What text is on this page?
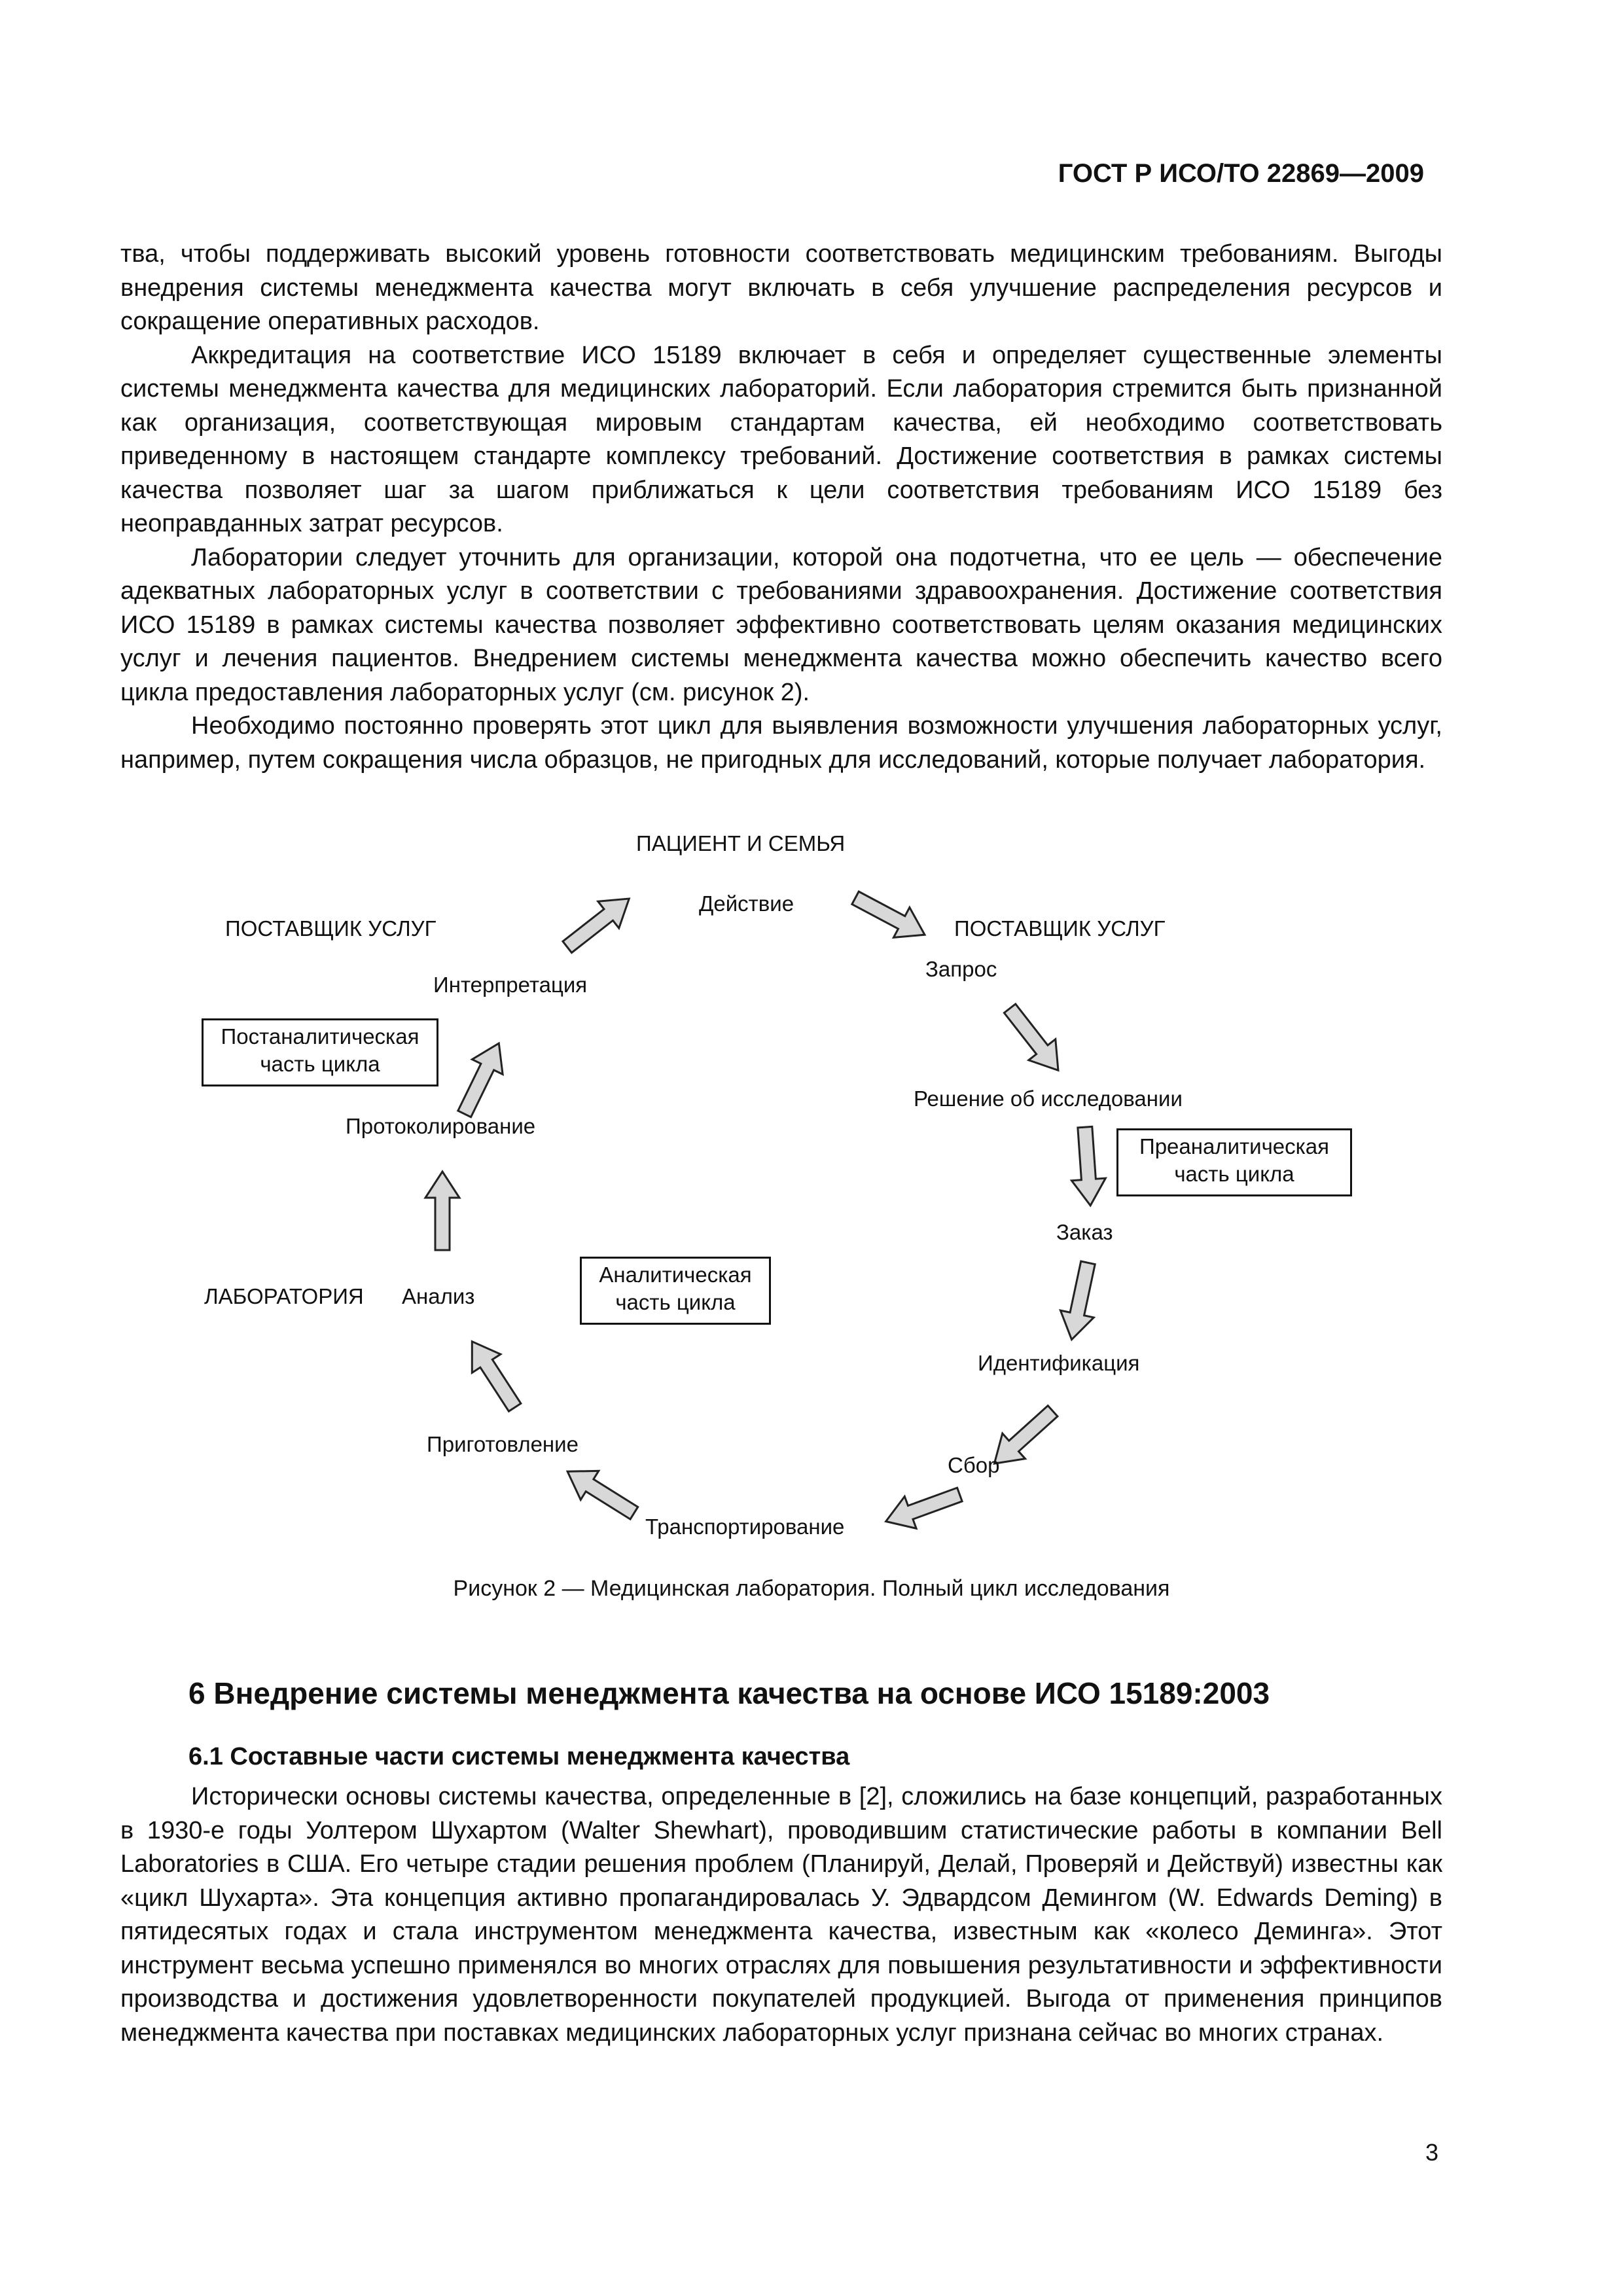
ГОСТ Р ИСО/ТО 22869—2009

тва, чтобы поддерживать высокий уровень готовности соответствовать медицинским требованиям. Выгоды внедрения системы менеджмента качества могут включать в себя улучшение распределения ресурсов и сокращение оперативных расходов.

Аккредитация на соответствие ИСО 15189 включает в себя и определяет существенные элементы системы менеджмента качества для медицинских лабораторий. Если лаборатория стремится быть признанной как организация, соответствующая мировым стандартам качества, ей необходимо соответствовать приведенному в настоящем стандарте комплексу требований. Достижение соответствия в рамках системы качества позволяет шаг за шагом приближаться к цели соответствия требованиям ИСО 15189 без неоправданных затрат ресурсов.

Лаборатории следует уточнить для организации, которой она подотчетна, что ее цель — обеспечение адекватных лабораторных услуг в соответствии с требованиями здравоохранения. Достижение соответствия ИСО 15189 в рамках системы качества позволяет эффективно соответствовать целям оказания медицинских услуг и лечения пациентов. Внедрением системы менеджмента качества можно обеспечить качество всего цикла предоставления лабораторных услуг (см. рисунок 2).

Необходимо постоянно проверять этот цикл для выявления возможности улучшения лабораторных услуг, например, путем сокращения числа образцов, не пригодных для исследований, которые получает лаборатория.

ПАЦИЕНТ И СЕМЬЯ
ПОСТАВЩИК УСЛУГ	ПОСТАВЩИК УСЛУГ
Действие
Запрос
Решение об исследовании
Заказ
Идентификация
Сбор
Транспортирование
Приготовление
ЛАБОРАТОРИЯ Анализ
Протоколирование
Интерпретация
Постаналитическая
часть цикла
Преаналитическая
часть цикла
Аналитическая
часть цикла
Рисунок 2 — Медицинская лаборатория. Полный цикл исследования
6 Внедрение системы менеджмента качества на основе ИСО 15189:2003
6.1 Составные части системы менеджмента качества

Исторически основы системы качества, определенные в [2], сложились на базе концепций, разработанных в 1930-е годы Уолтером Шухартом (Walter Shewhart), проводившим статистические работы в компании Bell Laboratories в США. Его четыре стадии решения проблем (Планируй, Делай, Проверяй и Действуй) известны как «цикл Шухарта». Эта концепция активно пропагандировалась У. Эдвардсом Демингом (W. Edwards Deming) в пятидесятых годах и стала инструментом менеджмента качества, известным как «колесо Деминга». Этот инструмент весьма успешно применялся во многих отраслях для повышения результативности и эффективности производства и достижения удовлетворенности покупателей продукцией. Выгода от применения принципов менеджмента качества при поставках медицинских лабораторных услуг признана сейчас во многих странах.

3
